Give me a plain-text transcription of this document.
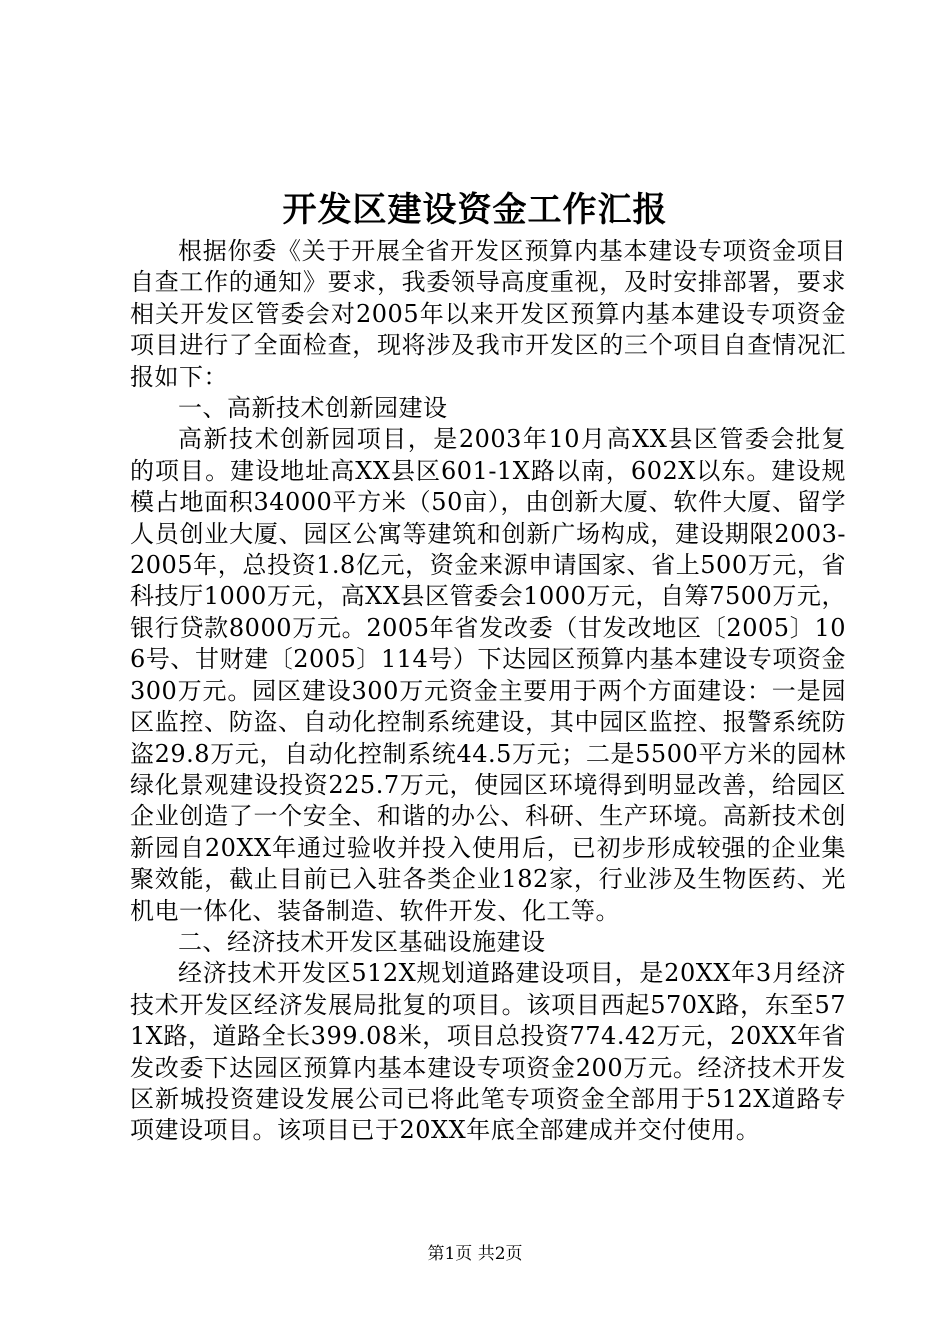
开发区建设资金工作汇报

根据你委《关于开展全省开发区预算内基本建设专项资金项目自查工作的通知》要求，我委领导高度重视，及时安排部署，要求相关开发区管委会对2005年以来开发区预算内基本建设专项资金项目进行了全面检查，现将涉及我市开发区的三个项目自查情况汇报如下：

一、高新技术创新园建设

高新技术创新园项目，是2003年10月高XX县区管委会批复的项目。建设地址高XX县区601-1X路以南，602X以东。建设规模占地面积34000平方米（50亩），由创新大厦、软件大厦、留学人员创业大厦、园区公寓等建筑和创新广场构成，建设期限2003-2005年，总投资1.8亿元，资金来源申请国家、省上500万元，省科技厅1000万元，高XX县区管委会1000万元，自筹7500万元，银行贷款8000万元。2005年省发改委（甘发改地区〔2005〕106号、甘财建〔2005〕114号）下达园区预算内基本建设专项资金300万元。园区建设300万元资金主要用于两个方面建设：一是园区监控、防盗、自动化控制系统建设，其中园区监控、报警系统防盗29.8万元，自动化控制系统44.5万元；二是5500平方米的园林绿化景观建设投资225.7万元，使园区环境得到明显改善，给园区企业创造了一个安全、和谐的办公、科研、生产环境。高新技术创新园自20XX年通过验收并投入使用后，已初步形成较强的企业集聚效能，截止目前已入驻各类企业182家，行业涉及生物医药、光机电一体化、装备制造、软件开发、化工等。

二、经济技术开发区基础设施建设

经济技术开发区512X规划道路建设项目，是20XX年3月经济技术开发区经济发展局批复的项目。该项目西起570X路，东至571X路，道路全长399.08米，项目总投资774.42万元，20XX年省发改委下达园区预算内基本建设专项资金200万元。经济技术开发区新城投资建设发展公司已将此笔专项资金全部用于512X道路专项建设项目。该项目已于20XX年底全部建成并交付使用。

第1页 共2页
